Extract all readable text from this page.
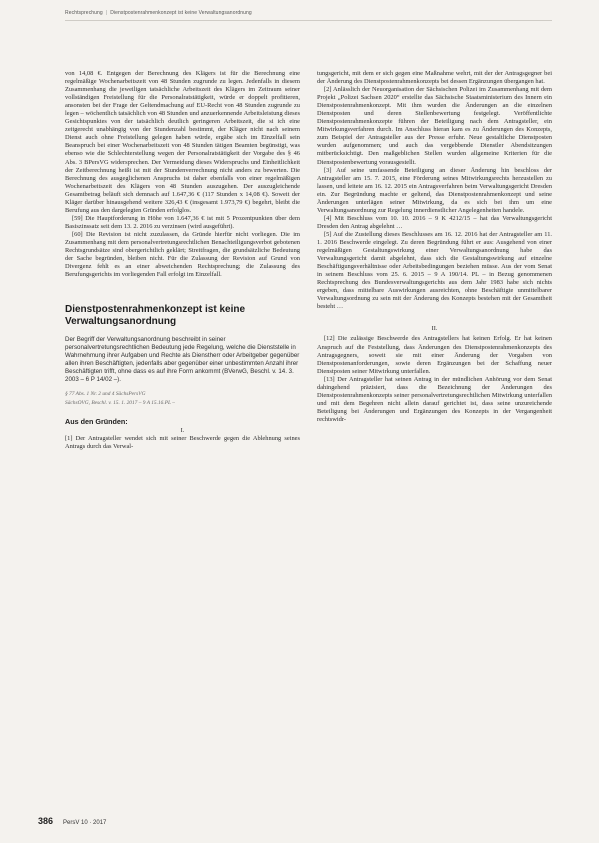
Rechtsprechung | Dienstpostenrahmenkonzept ist keine Verwaltungsanordnung

von 14,08 €. Entgegen der Berechnung des Klägers ist für die Berechnung eine regelmäßige Wochenarbeitszeit von 48 Stunden zugrunde zu legen. Jedenfalls in diesem Zusammenhang die jeweiligen tatsächliche Arbeitszeit des Klägers im Zeitraum seiner vollständigen Freistellung für die Personalratstätigkeit, würde er doppelt profitieren, ansonsten bei der Frage der Geltendmachung auf EU-Recht von 48 Stunden zugrunde zu legen – wöchentlich tatsächlich von 48 Stunden und anzuerkennende Arbeitsleistung dieses Gesichtspunktes von der tatsächlich deutlich geringeren Arbeitszeit, die si ich eine zeitgerecht unabhängig von der Stundenzahl bestimmt, der Kläger nicht nach seinem Dienst auch ohne Freistellung gelegen haben würde, ergäbe sich im Einzelfall sein Beanspruch bei einer Wochenarbeitszeit von 48 Stunden tätigen Beamten begünstigt, was ebenso wie die Schlechterstellung wegen der Personalratstätigkeit der Vorgabe des § 46 Abs. 3 BPersVG widersprechen. Der Vermeidung dieses Widerspruchs und Einheitlichkeit der Zeitberechnung heißt ist mit der Stundenverrechnung nicht anders zu bewerten. Die Berechnung des ausgeglichenen Anspruchs ist daher ebenfalls von einer regelmäßigen Wochenarbeitszeit des Klägers von 48 Stunden auszugehen. Der auszugleichende Gesamtbetrag beläuft sich demnach auf 1.647,36 € (117 Stunden x 14,08 €). Soweit der Kläger darüber hinausgehend weitere 326,43 € (insgesamt 1.973,79 €) begehrt, bleibt die Berufung aus den dargelegten Gründen erfolglos.

[59] Die Hauptforderung in Höhe von 1.647,36 € ist mit 5 Prozentpunkten über dem Basiszinssatz seit dem 13. 2. 2016 zu verzinsen (wird ausgeführt).

[60] Die Revision ist nicht zuzulassen, da Gründe hierfür nicht vorliegen. Die im Zusammenhang mit dem personalvertretungsrechtlichen Benachteiligungsverbot gebotenen Rechtsgrundsätze sind obergerichtlich geklärt; Streitfragen, die grundsätzliche Bedeutung der Sache begründen, bleiben nicht. Für die Zulassung der Revision auf Grund von Divergenz fehlt es an einer abweichenden Rechtsprechung; die Zulassung des Berufungsgerichts im vorliegenden Fall erfolgt im Einzelfall.

Dienstpostenrahmenkonzept ist keine Verwaltungsanordnung
Der Begriff der Verwaltungsanordnung beschreibt in seiner personalvertretungsrechtlichen Bedeutung jede Regelung, welche die Dienststelle in Wahrnehmung ihrer Aufgaben und Rechte als Dienstherr oder Arbeitgeber gegenüber allen ihren Beschäftigten, jedenfalls aber gegenüber einer unbestimmten Anzahl ihrer Beschäftigten trifft, ohne dass es auf ihre Form ankommt (BVerwG, Beschl. v. 14. 3. 2003 – 6 P 14/02 –).
§ 77 Abs. 1 Nr. 2 und 4 SächsPersVG
SächsOVG, Beschl. v. 15. 1. 2017 – 9 A 15.16.PL –
Aus den Gründen:

I.

[1] Der Antragsteller wendet sich mit seiner Beschwerde gegen die Ablehnung seines Antrags durch das Verwal-

tungsgericht, mit dem er sich gegen eine Maßnahme wehrt, mit der der Antragsgegner bei der Änderung des Dienstpostenrahmenkonzepts bei dessen Ergänzungen übergangen hat.

[2] Anlässlich der Neuorganisation der Sächsischen Polizei im Zusammenhang mit dem Projekt „Polizei Sachsen 2020“ erstellte das Sächsische Staatsministerium des Innern ein Dienstpostenrahmenkonzept. Mit ihm wurden die Änderungen an die einzelnen Dienstposten und deren Stellenbewertung festgelegt. Veröffentlichte Dienstpostenrahmenkonzepte führen der Beteiligung nach dem Antragsteller, ein Mitwirkungsverfahren durch. Im Anschluss hieran kam es zu Änderungen des Konzepts, zum Beispiel der Antragsteller aus der Presse erfuhr. Neue gestaltliche Dienstposten wurden aufgenommen; und auch das vergebbende Dienstler Abendsitzungen mitberücksichtigt. Den maßgeblichen Stellen wurden allgemeine Kriterien für die Dienstpostenbewertung vorausgestellt.

[3] Auf seine umfassende Beteiligung an dieser Änderung hin beschloss der Antragsteller am 15. 7. 2015, eine Förderung seines Mitwirkungsrechts herzustellen zu lassen, und leitete am 16. 12. 2015 ein Antragsverfahren beim Verwaltungsgericht Dresden ein. Zur Begründung machte er geltend, das Dienstpostenrahmenkonzept und seine Änderungen unterlägen seiner Mitwirkung, da es sich bei ihm um eine Verwaltungsanordnung zur Regelung innerdienstlicher Angelegenheiten handele.

[4] Mit Beschluss vom 10. 10. 2016 – 9 K 4212/15 – hat das Verwaltungsgericht Dresden den Antrag abgelehnt …

[5] Auf die Zustellung dieses Beschlusses am 16. 12. 2016 hat der Antragsteller am 11. 1. 2016 Beschwerde eingelegt. Zu deren Begründung führt er aus: Ausgehend von einer regelmäßigen Gestaltungswirkung einer Verwaltungsanordnung habe das Verwaltungsgericht damit abgelehnt, dass sich die Gestaltungswirkung auf einzelne Beschäftigungsverhältnisse oder Arbeitsbedingungen beziehen müsse. Aus der vom Senat in seinem Beschluss vom 25. 6. 2015 – 9 A 190/14. PL – in Bezug genommenen Rechtsprechung des Bundesverwaltungsgerichts aus dem Jahr 1983 habe sich nichts ergeben, dass mittelbare Auswirkungen ausreichten, ohne Beschäftigte unmittelbarer Verwaltungsordnung zu sein mit der Änderung des Konzepts bestehen mit der Gesamtheit besteht …

II.

[12] Die zulässige Beschwerde des Antragstellers hat keinen Erfolg. Er hat keinen Anspruch auf die Feststellung, dass Änderungen des Dienstpostenrahmenkonzepts des Antragsgegners, soweit sie mit einer Änderung der Vorgaben von Dienstpostenanforderungen, sowie deren Ergänzungen bei der Schaffung neuer Dienstposten seiner Mitwirkung unterfallen.

[13] Der Antragsteller hat seinen Antrag in der mündlichen Anhörung vor dem Senat dahingehend präzisiert, dass die Bezeichnung der Änderungen des Dienstpostenrahmenkonzepts seiner personalvertretungsrechtlichen Mitwirkung unterfallen und mit dem Begehren nicht allein darauf gerichtet ist, dass seine unzureichende Beteiligung bei Änderungen und Ergänzungen des Konzepts in der Vergangenheit rechtswidr-

386 PersV 10 · 2017
